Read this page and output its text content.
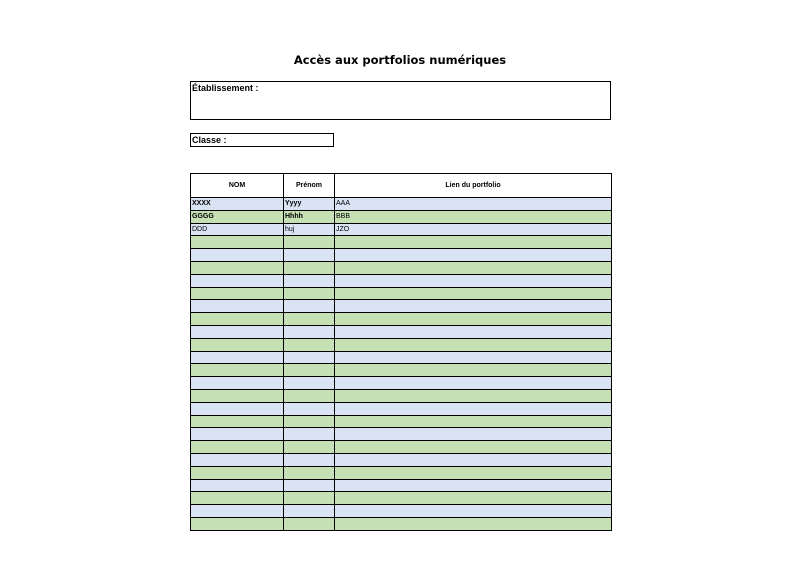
Accès aux portfolios numériques
Établissement :
Classe :
NOM	Prénom	Lien du portfolio
XXXX	Yyyy	AAA
GGGG	Hhhh	BBB
DDD	huj	JZO
